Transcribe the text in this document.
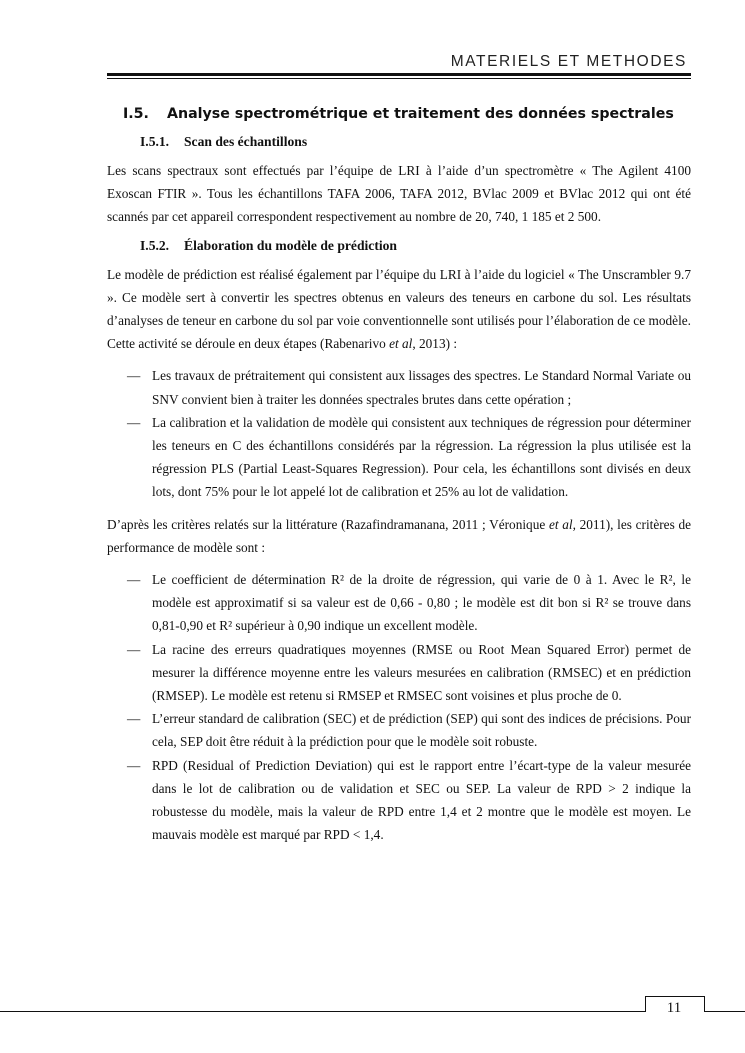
MATERIELS ET METHODES
I.5.	Analyse spectrométrique et traitement des données spectrales
I.5.1.	Scan des échantillons

Les scans spectraux sont effectués par l’équipe de LRI à l’aide d’un spectromètre « The Agilent 4100 Exoscan FTIR ». Tous les échantillons TAFA 2006, TAFA 2012, BVlac 2009 et BVlac 2012 qui ont été scannés par cet appareil correspondent respectivement au nombre de 20, 740, 1 185 et 2 500.

I.5.2.	Élaboration du modèle de prédiction

Le modèle de prédiction est réalisé également par l’équipe du LRI à l’aide du logiciel « The Unscrambler 9.7 ». Ce modèle sert à convertir les spectres obtenus en valeurs des teneurs en carbone du sol. Les résultats d’analyses de teneur en carbone du sol par voie conventionnelle sont utilisés pour l’élaboration de ce modèle. Cette activité se déroule en deux étapes (Rabenarivo et al, 2013) :

— Les travaux de prétraitement qui consistent aux lissages des spectres. Le Standard Normal Variate ou SNV convient bien à traiter les données spectrales brutes dans cette opération ;
— La calibration et la validation de modèle qui consistent aux techniques de régression pour déterminer les teneurs en C des échantillons considérés par la régression. La régression la plus utilisée est la régression PLS (Partial Least-Squares Regression). Pour cela, les échantillons sont divisés en deux lots, dont 75% pour le lot appelé lot de calibration et 25% au lot de validation.

D’après les critères relatés sur la littérature (Razafindramanana, 2011 ; Véronique et al, 2011), les critères de performance de modèle sont :

— Le coefficient de détermination R² de la droite de régression, qui varie de 0 à 1. Avec le R², le modèle est approximatif si sa valeur est de 0,66 - 0,80 ; le modèle est dit bon si R² se trouve dans 0,81-0,90 et R² supérieur à 0,90 indique un excellent modèle.
— La racine des erreurs quadratiques moyennes (RMSE ou Root Mean Squared Error) permet de mesurer la différence moyenne entre les valeurs mesurées en calibration (RMSEC) et en prédiction (RMSEP). Le modèle est retenu si RMSEP et RMSEC sont voisines et plus proche de 0.
— L’erreur standard de calibration (SEC) et de prédiction (SEP) qui sont des indices de précisions. Pour cela, SEP doit être réduit à la prédiction pour que le modèle soit robuste.
— RPD (Residual of Prediction Deviation) qui est le rapport entre l’écart-type de la valeur mesurée dans le lot de calibration ou de validation et SEC ou SEP. La valeur de RPD > 2 indique la robustesse du modèle, mais la valeur de RPD entre 1,4 et 2 montre que le modèle est moyen. Le mauvais modèle est marqué par RPD < 1,4.
11
